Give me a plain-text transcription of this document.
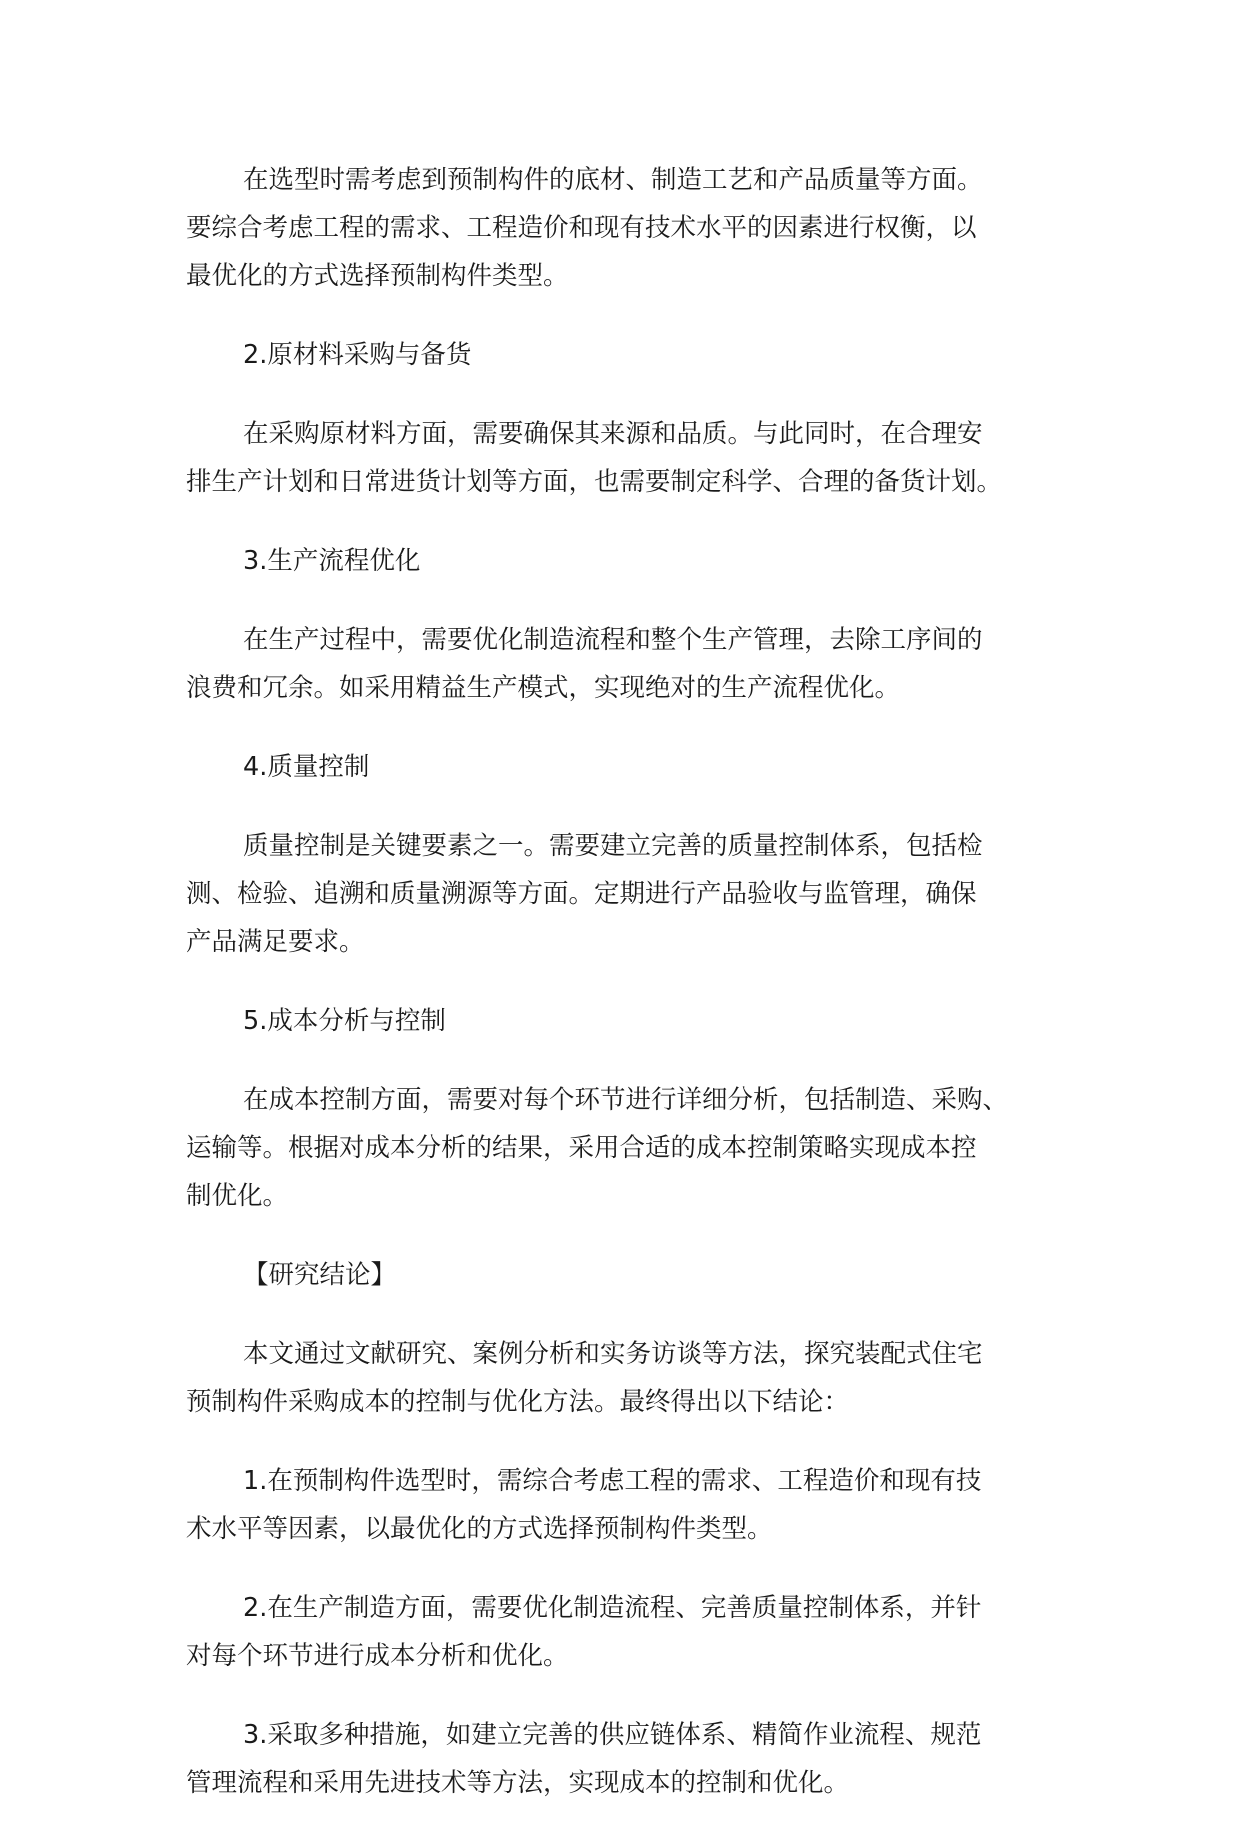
在选型时需考虑到预制构件的底材、制造工艺和产品质量等方面。
要综合考虑工程的需求、工程造价和现有技术水平的因素进行权衡，以
最优化的方式选择预制构件类型。
2.原材料采购与备货
在采购原材料方面，需要确保其来源和品质。与此同时，在合理安
排生产计划和日常进货计划等方面，也需要制定科学、合理的备货计划。
3.生产流程优化
在生产过程中，需要优化制造流程和整个生产管理，去除工序间的
浪费和冗余。如采用精益生产模式，实现绝对的生产流程优化。
4.质量控制
质量控制是关键要素之一。需要建立完善的质量控制体系，包括检
测、检验、追溯和质量溯源等方面。定期进行产品验收与监管理，确保
产品满足要求。
5.成本分析与控制
在成本控制方面，需要对每个环节进行详细分析，包括制造、采购、
运输等。根据对成本分析的结果，采用合适的成本控制策略实现成本控
制优化。
【研究结论】
本文通过文献研究、案例分析和实务访谈等方法，探究装配式住宅
预制构件采购成本的控制与优化方法。最终得出以下结论：
1.在预制构件选型时，需综合考虑工程的需求、工程造价和现有技
术水平等因素，以最优化的方式选择预制构件类型。
2.在生产制造方面，需要优化制造流程、完善质量控制体系，并针
对每个环节进行成本分析和优化。
3.采取多种措施，如建立完善的供应链体系、精简作业流程、规范
管理流程和采用先进技术等方法，实现成本的控制和优化。
